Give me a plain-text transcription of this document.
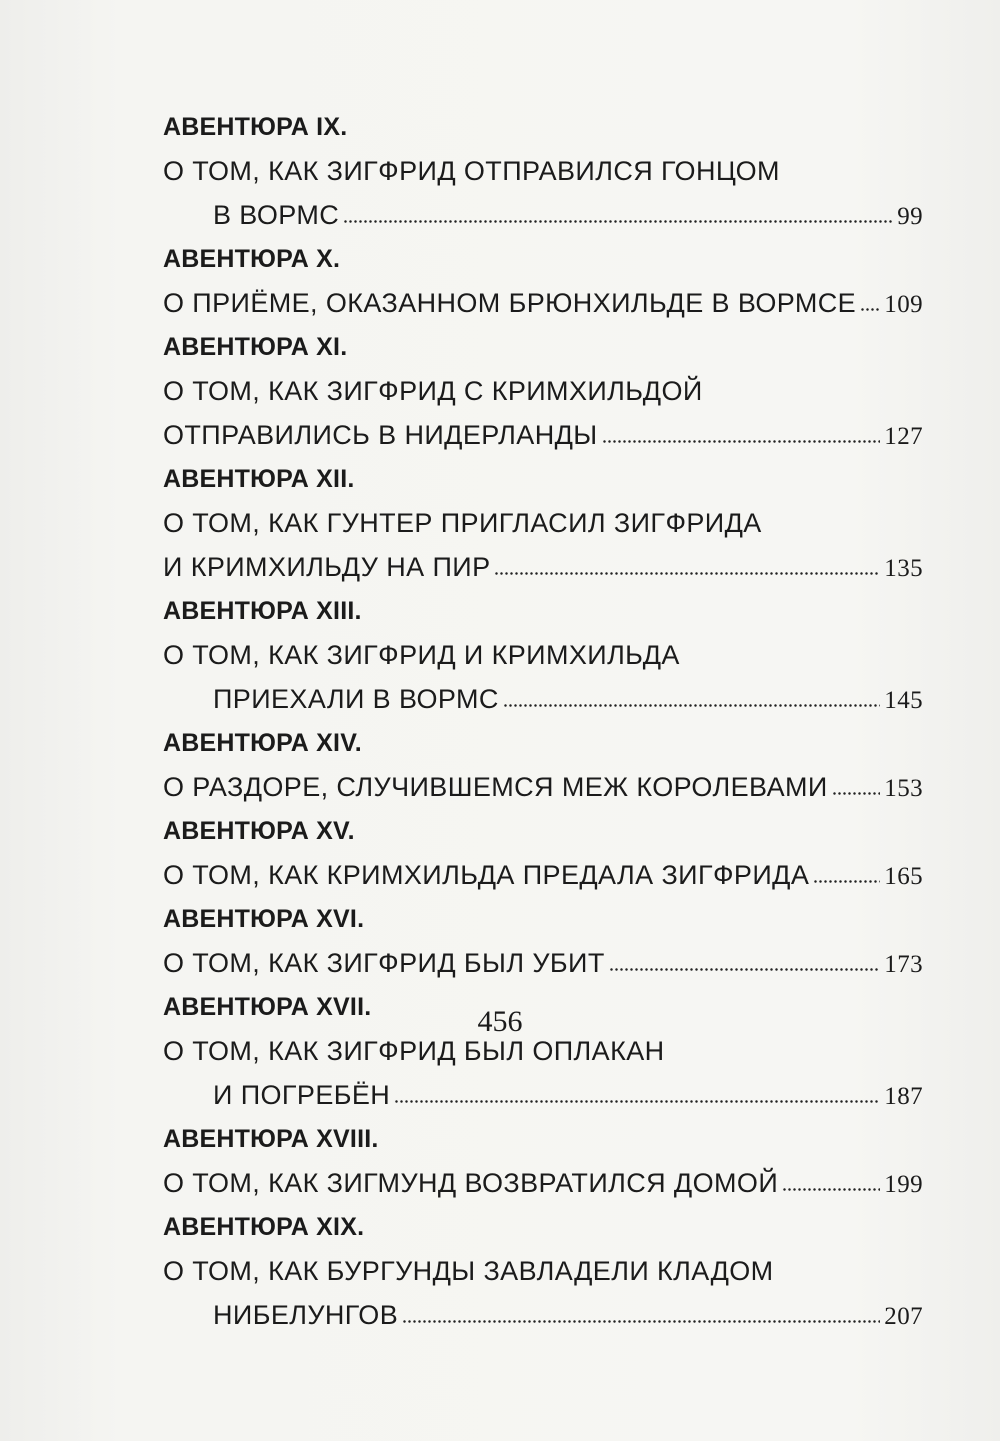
АВЕНТЮРА IX.
О ТОМ, КАК ЗИГФРИД ОТПРАВИЛСЯ ГОНЦОМ
В ВОРМС	99
АВЕНТЮРА X.
О ПРИЁМЕ, ОКАЗАННОМ БРЮНХИЛЬДЕ В ВОРМСЕ 109
АВЕНТЮРА XI.
О ТОМ, КАК ЗИГФРИД С КРИМХИЛЬДОЙ
ОТПРАВИЛИСЬ В НИДЕРЛАНДЫ	127
АВЕНТЮРА XII.
О ТОМ, КАК ГУНТЕР ПРИГЛАСИЛ ЗИГФРИДА
И КРИМХИЛЬДУ НА ПИР	135
АВЕНТЮРА XIII.
О ТОМ, КАК ЗИГФРИД И КРИМХИЛЬДА
ПРИЕХАЛИ В ВОРМС	145
АВЕНТЮРА XIV.
О РАЗДОРЕ, СЛУЧИВШЕМСЯ МЕЖ КОРОЛЕВАМИ 153
АВЕНТЮРА XV.
О ТОМ, КАК КРИМХИЛЬДА ПРЕДАЛА ЗИГФРИДА	165
АВЕНТЮРА XVI.
О ТОМ, КАК ЗИГФРИД БЫЛ УБИТ	173
АВЕНТЮРА XVII.
О ТОМ, КАК ЗИГФРИД БЫЛ ОПЛАКАН
И ПОГРЕБЁН	187
АВЕНТЮРА XVIII.
О ТОМ, КАК ЗИГМУНД ВОЗВРАТИЛСЯ ДОМОЙ	199
АВЕНТЮРА XIX.
О ТОМ, КАК БУРГУНДЫ ЗАВЛАДЕЛИ КЛАДОМ
НИБЕЛУНГОВ	207
456
